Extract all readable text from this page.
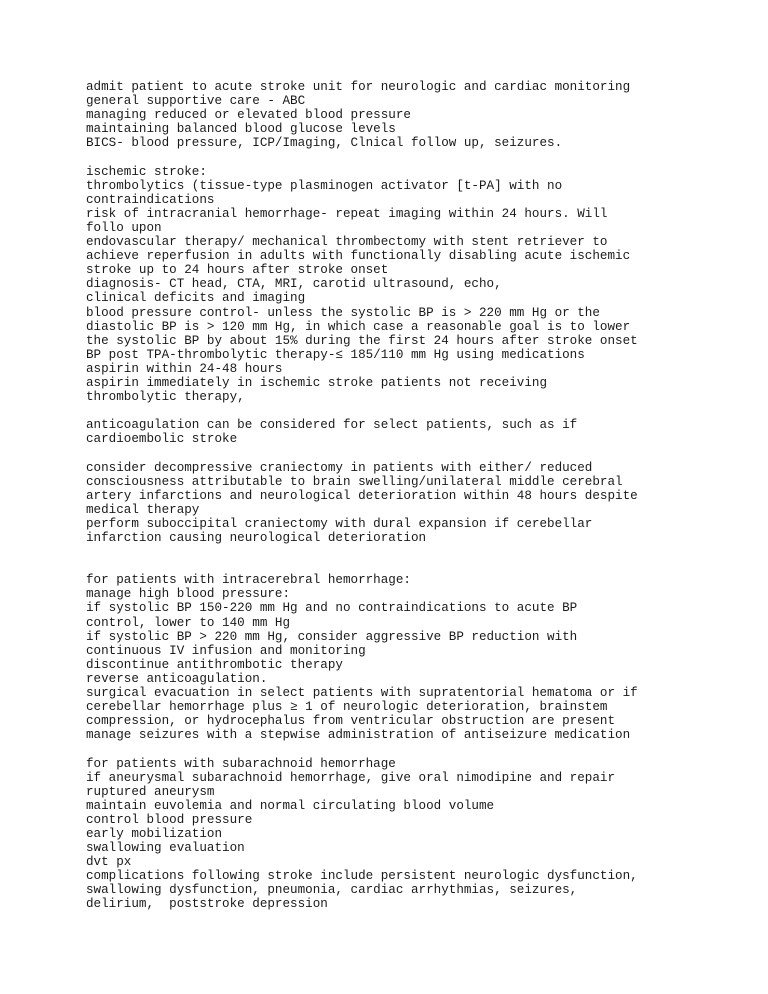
admit patient to acute stroke unit for neurologic and cardiac monitoring
general supportive care - ABC
managing reduced or elevated blood pressure
maintaining balanced blood glucose levels
BICS- blood pressure, ICP/Imaging, Clnical follow up, seizures.
ischemic stroke:
thrombolytics (tissue-type plasminogen activator [t-PA] with no
contraindications
risk of intracranial hemorrhage- repeat imaging within 24 hours. Will
follo upon
endovascular therapy/ mechanical thrombectomy with stent retriever to
achieve reperfusion in adults with functionally disabling acute ischemic
stroke up to 24 hours after stroke onset
diagnosis- CT head, CTA, MRI, carotid ultrasound, echo,
clinical deficits and imaging
blood pressure control- unless the systolic BP is > 220 mm Hg or the
diastolic BP is > 120 mm Hg, in which case a reasonable goal is to lower
the systolic BP by about 15% during the first 24 hours after stroke onset
BP post TPA-thrombolytic therapy-≤ 185/110 mm Hg using medications
aspirin within 24-48 hours
aspirin immediately in ischemic stroke patients not receiving
thrombolytic therapy,
anticoagulation can be considered for select patients, such as if
cardioembolic stroke
consider decompressive craniectomy in patients with either/ reduced
consciousness attributable to brain swelling/unilateral middle cerebral
artery infarctions and neurological deterioration within 48 hours despite
medical therapy
perform suboccipital craniectomy with dural expansion if cerebellar
infarction causing neurological deterioration
for patients with intracerebral hemorrhage:
manage high blood pressure:
if systolic BP 150-220 mm Hg and no contraindications to acute BP
control, lower to 140 mm Hg
if systolic BP > 220 mm Hg, consider aggressive BP reduction with
continuous IV infusion and monitoring
discontinue antithrombotic therapy
reverse anticoagulation.
surgical evacuation in select patients with supratentorial hematoma or if
cerebellar hemorrhage plus ≥ 1 of neurologic deterioration, brainstem
compression, or hydrocephalus from ventricular obstruction are present
manage seizures with a stepwise administration of antiseizure medication
for patients with subarachnoid hemorrhage
if aneurysmal subarachnoid hemorrhage, give oral nimodipine and repair
ruptured aneurysm
maintain euvolemia and normal circulating blood volume
control blood pressure
early mobilization
swallowing evaluation
dvt px
complications following stroke include persistent neurologic dysfunction,
swallowing dysfunction, pneumonia, cardiac arrhythmias, seizures,
delirium,  poststroke depression
